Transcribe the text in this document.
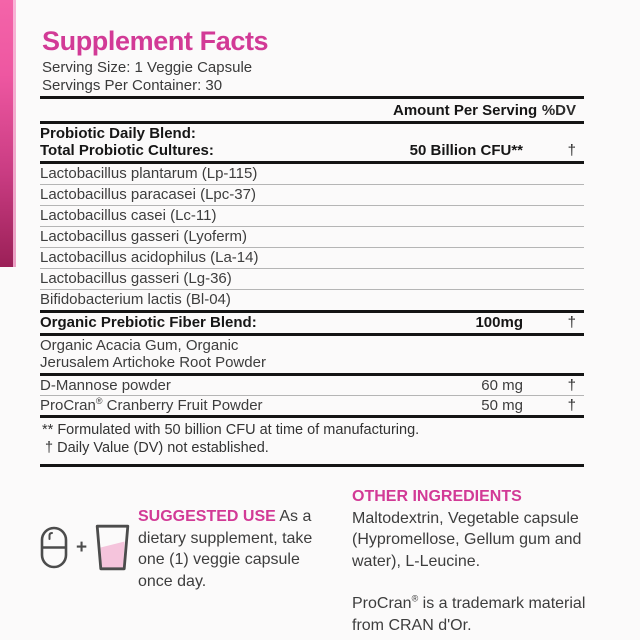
Supplement Facts
Serving Size: 1 Veggie Capsule
Servings Per Container: 30
Amount Per Serving %DV
Probiotic Daily Blend:
Total Probiotic Cultures:	50 Billion CFU**	†
Lactobacillus plantarum (Lp-115)
Lactobacillus paracasei (Lpc-37)
Lactobacillus casei (Lc-11)
Lactobacillus gasseri (Lyoferm)
Lactobacillus acidophilus (La-14)
Lactobacillus gasseri (Lg-36)
Bifidobacterium lactis (Bl-04)
Organic Prebiotic Fiber Blend:	100mg	†
Organic Acacia Gum, Organic
Jerusalem Artichoke Root Powder
D-Mannose powder	60 mg	†
ProCran® Cranberry Fruit Powder	50 mg	†
** Formulated with 50 billion CFU at time of manufacturing.
† Daily Value (DV) not established.
+
SUGGESTED USE As a dietary supplement, take one (1) veggie capsule once day.

OTHER INGREDIENTS Maltodextrin, Vegetable capsule (Hypromellose, Gellum gum and water), L-Leucine.

ProCran® is a trademark material from CRAN d'Or.
